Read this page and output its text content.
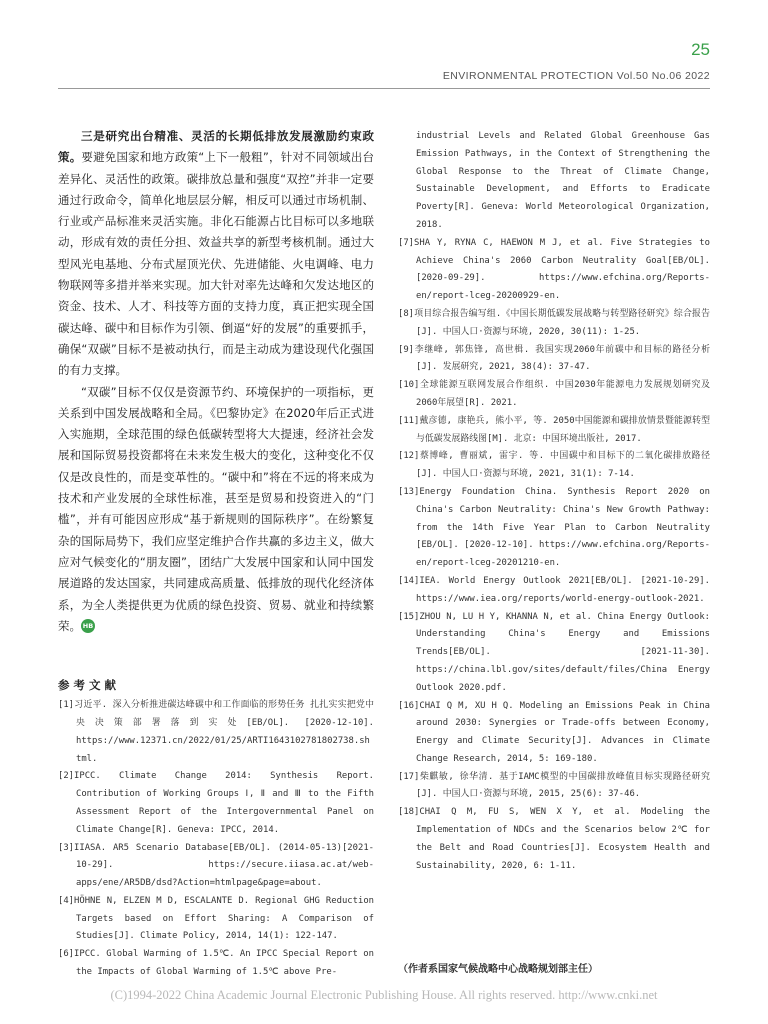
25
ENVIRONMENTAL PROTECTION Vol.50 No.06 2022

三是研究出台精准、灵活的长期低排放发展激励约束政策。要避免国家和地方政策“上下一般粗”，针对不同领域出台差异化、灵活性的政策。碳排放总量和强度“双控”并非一定要通过行政命令，简单化地层层分解，相反可以通过市场机制、行业或产品标准来灵活实施。非化石能源占比目标可以多地联动，形成有效的责任分担、效益共享的新型考核机制。通过大型风光电基地、分布式屋顶光伏、先进储能、火电调峰、电力物联网等多措并举来实现。加大针对率先达峰和欠发达地区的资金、技术、人才、科技等方面的支持力度，真正把实现全国碳达峰、碳中和目标作为引领、倒逼“好的发展”的重要抓手，确保“双碳”目标不是被动执行，而是主动成为建设现代化强国的有力支撑。

“双碳”目标不仅仅是资源节约、环境保护的一项指标，更关系到中国发展战略和全局。《巴黎协定》在2020年后正式进入实施期，全球范围的绿色低碳转型将大大提速，经济社会发展和国际贸易投资都将在未来发生极大的变化，这种变化不仅仅是改良性的，而是变革性的。“碳中和”将在不远的将来成为技术和产业发展的全球性标准，甚至是贸易和投资进入的“门槛”，并有可能因应形成“基于新规则的国际秩序”。在纷繁复杂的国际局势下，我们应坚定维护合作共赢的多边主义，做大应对气候变化的“朋友圈”，团结广大发展中国家和认同中国发展道路的发达国家，共同建成高质量、低排放的现代化经济体系，为全人类提供更为优质的绿色投资、贸易、就业和持续繁荣。 HB

参考文献

[1]习近平. 深入分析推进碳达峰碳中和工作面临的形势任务 扎扎实实把党中央决策部署落到实处[EB/OL]. [2020-12-10]. https://www.12371.cn/2022/01/25/ARTI1643102781802738.shtml.

[2]IPCC. Climate Change 2014: Synthesis Report. Contribution of Working Groups Ⅰ, Ⅱ and Ⅲ to the Fifth Assessment Report of the Intergovernmental Panel on Climate Change[R]. Geneva: IPCC, 2014.

[3]IIASA. AR5 Scenario Database[EB/OL]. (2014-05-13)[2021-10-29]. https://secure.iiasa.ac.at/web-apps/ene/AR5DB/dsd?Action=htmlpage&page=about.

[4]HÖHNE N, ELZEN M D, ESCALANTE D. Regional GHG Reduction Targets based on Effort Sharing: A Comparison of Studies[J]. Climate Policy, 2014, 14(1): 122-147.

[6]IPCC. Global Warming of 1.5℃. An IPCC Special Report on the Impacts of Global Warming of 1.5℃ above Pre-

industrial Levels and Related Global Greenhouse Gas Emission Pathways, in the Context of Strengthening the Global Response to the Threat of Climate Change, Sustainable Development, and Efforts to Eradicate Poverty[R]. Geneva: World Meteorological Organization, 2018.

[7]SHA Y, RYNA C, HAEWON M J, et al. Five Strategies to Achieve China's 2060 Carbon Neutrality Goal[EB/OL]. [2020-09-29]. https://www.efchina.org/Reports-en/report-lceg-20200929-en.

[8]项目综合报告编写组.《中国长期低碳发展战略与转型路径研究》综合报告[J]. 中国人口·资源与环境, 2020, 30(11): 1-25.

[9]李继峰, 郭焦锋, 高世楫. 我国实现2060年前碳中和目标的路径分析[J]. 发展研究, 2021, 38(4): 37-47.

[10]全球能源互联网发展合作组织. 中国2030年能源电力发展规划研究及2060年展望[R]. 2021.

[11]戴彦德, 康艳兵, 熊小平, 等. 2050中国能源和碳排放情景暨能源转型与低碳发展路线图[M]. 北京: 中国环境出版社, 2017.

[12]蔡博峰, 曹丽斌, 雷宇. 等. 中国碳中和目标下的二氧化碳排放路径[J]. 中国人口·资源与环境, 2021, 31(1): 7-14.

[13]Energy Foundation China. Synthesis Report 2020 on China's Carbon Neutrality: China's New Growth Pathway: from the 14th Five Year Plan to Carbon Neutrality [EB/OL]. [2020-12-10]. https://www.efchina.org/Reports-en/report-lceg-20201210-en.

[14]IEA. World Energy Outlook 2021[EB/OL]. [2021-10-29]. https://www.iea.org/reports/world-energy-outlook-2021.

[15]ZHOU N, LU H Y, KHANNA N, et al. China Energy Outlook: Understanding China's Energy and Emissions Trends[EB/OL]. [2021-11-30]. https://china.lbl.gov/sites/default/files/China Energy Outlook 2020.pdf.

[16]CHAI Q M, XU H Q. Modeling an Emissions Peak in China around 2030: Synergies or Trade-offs between Economy, Energy and Climate Security[J]. Advances in Climate Change Research, 2014, 5: 169-180.

[17]柴麒敏, 徐华清. 基于IAMC模型的中国碳排放峰值目标实现路径研究[J]. 中国人口·资源与环境, 2015, 25(6): 37-46.

[18]CHAI Q M, FU S, WEN X Y, et al. Modeling the Implementation of NDCs and the Scenarios below 2℃ for the Belt and Road Countries[J]. Ecosystem Health and Sustainability, 2020, 6: 1-11.

（作者系国家气候战略中心战略规划部主任）
(C)1994-2022 China Academic Journal Electronic Publishing House. All rights reserved. http://www.cnki.net
